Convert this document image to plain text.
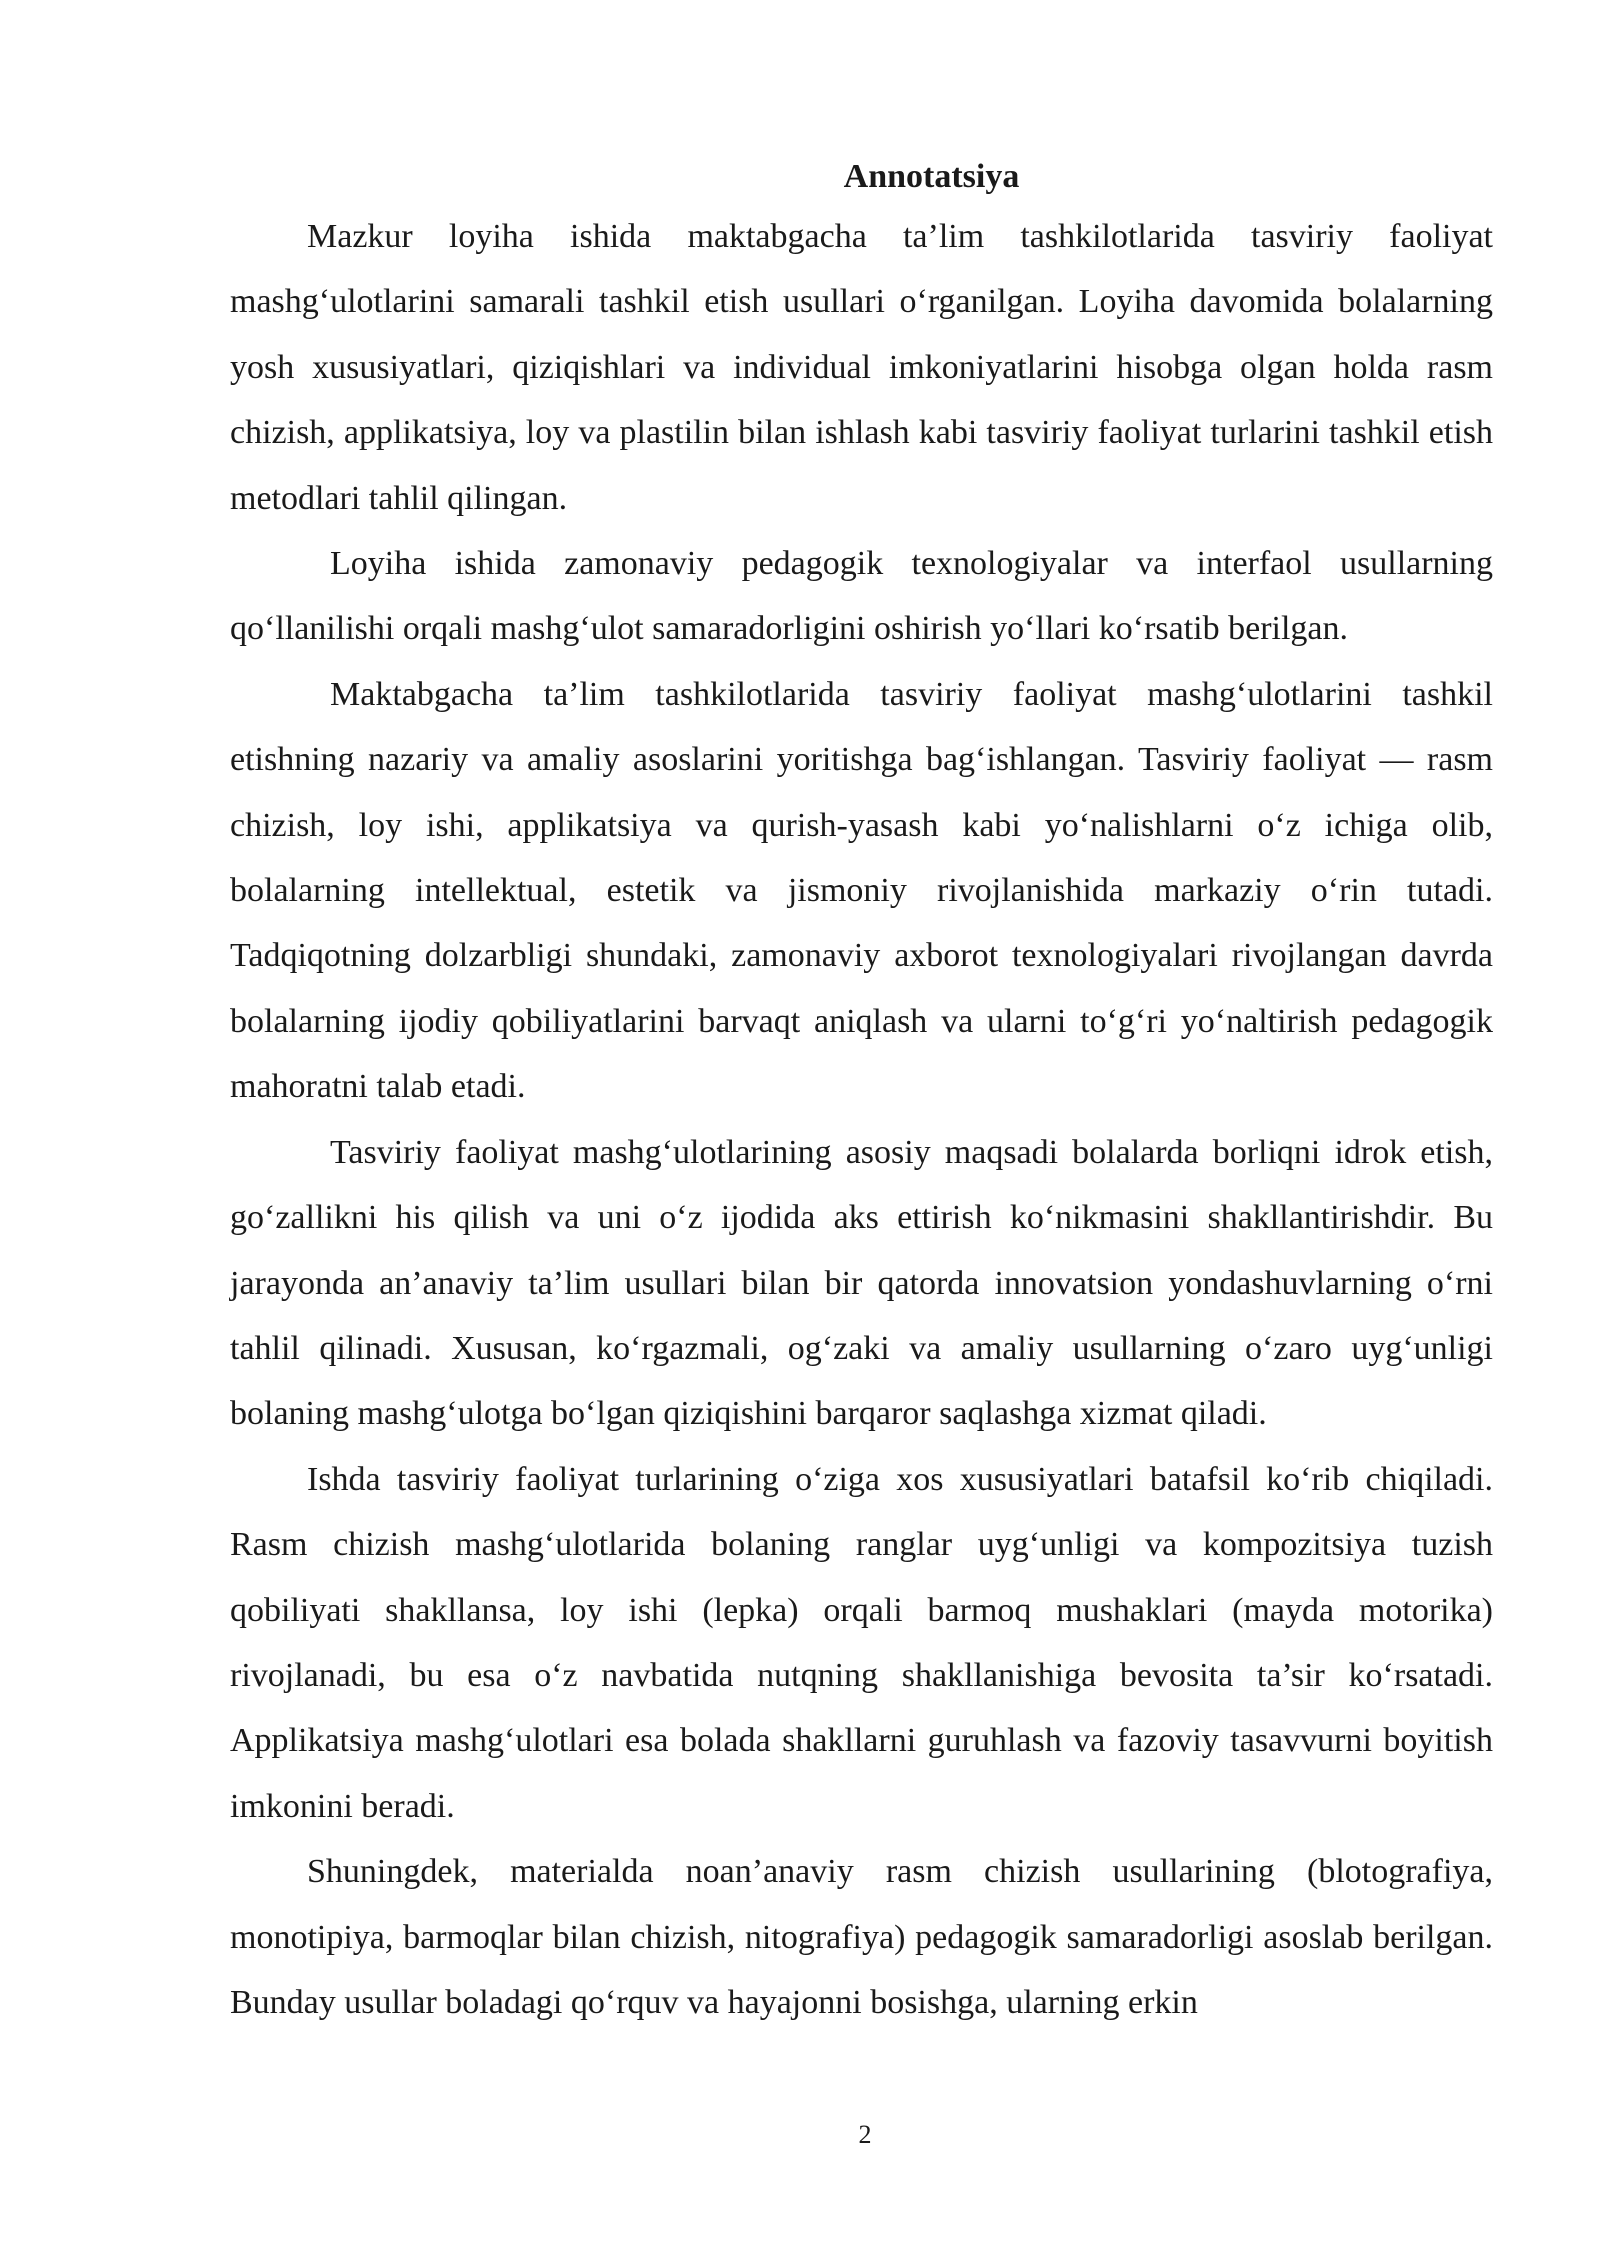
Annotatsiya

Mazkur loyiha ishida maktabgacha ta’lim tashkilotlarida tasviriy faoliyat mashg‘ulotlarini samarali tashkil etish usullari o‘rganilgan. Loyiha davomida bolalarning yosh xususiyatlari, qiziqishlari va individual imkoniyatlarini hisobga olgan holda rasm chizish, applikatsiya, loy va plastilin bilan ishlash kabi tasviriy faoliyat turlarini tashkil etish metodlari tahlil qilingan.

Loyiha ishida zamonaviy pedagogik texnologiyalar va interfaol usullarning qo‘llanilishi orqali mashg‘ulot samaradorligini oshirish yo‘llari ko‘rsatib berilgan.

Maktabgacha ta’lim tashkilotlarida tasviriy faoliyat mashg‘ulotlarini tashkil etishning nazariy va amaliy asoslarini yoritishga bag‘ishlangan. Tasviriy faoliyat — rasm chizish, loy ishi, applikatsiya va qurish-yasash kabi yo‘nalishlarni o‘z ichiga olib, bolalarning intellektual, estetik va jismoniy rivojlanishida markaziy o‘rin tutadi. Tadqiqotning dolzarbligi shundaki, zamonaviy axborot texnologiyalari rivojlangan davrda bolalarning ijodiy qobiliyatlarini barvaqt aniqlash va ularni to‘g‘ri yo‘naltirish pedagogik mahoratni talab etadi.

Tasviriy faoliyat mashg‘ulotlarining asosiy maqsadi bolalarda borliqni idrok etish, go‘zallikni his qilish va uni o‘z ijodida aks ettirish ko‘nikmasini shakllantirishdir. Bu jarayonda an’anaviy ta’lim usullari bilan bir qatorda innovatsion yondashuvlarning o‘rni tahlil qilinadi. Xususan, ko‘rgazmali, og‘zaki va amaliy usullarning o‘zaro uyg‘unligi bolaning mashg‘ulotga bo‘lgan qiziqishini barqaror saqlashga xizmat qiladi.

Ishda tasviriy faoliyat turlarining o‘ziga xos xususiyatlari batafsil ko‘rib chiqiladi. Rasm chizish mashg‘ulotlarida bolaning ranglar uyg‘unligi va kompozitsiya tuzish qobiliyati shakllansa, loy ishi (lepka) orqali barmoq mushaklari (mayda motorika) rivojlanadi, bu esa o‘z navbatida nutqning shakllanishiga bevosita ta’sir ko‘rsatadi. Applikatsiya mashg‘ulotlari esa bolada shakllarni guruhlash va fazoviy tasavvurni boyitish imkonini beradi.

Shuningdek, materialda noan’anaviy rasm chizish usullarining (blotografiya, monotipiya, barmoqlar bilan chizish, nitografiya) pedagogik samaradorligi asoslab berilgan. Bunday usullar boladagi qo‘rquv va hayajonni bosishga, ularning erkin

2
